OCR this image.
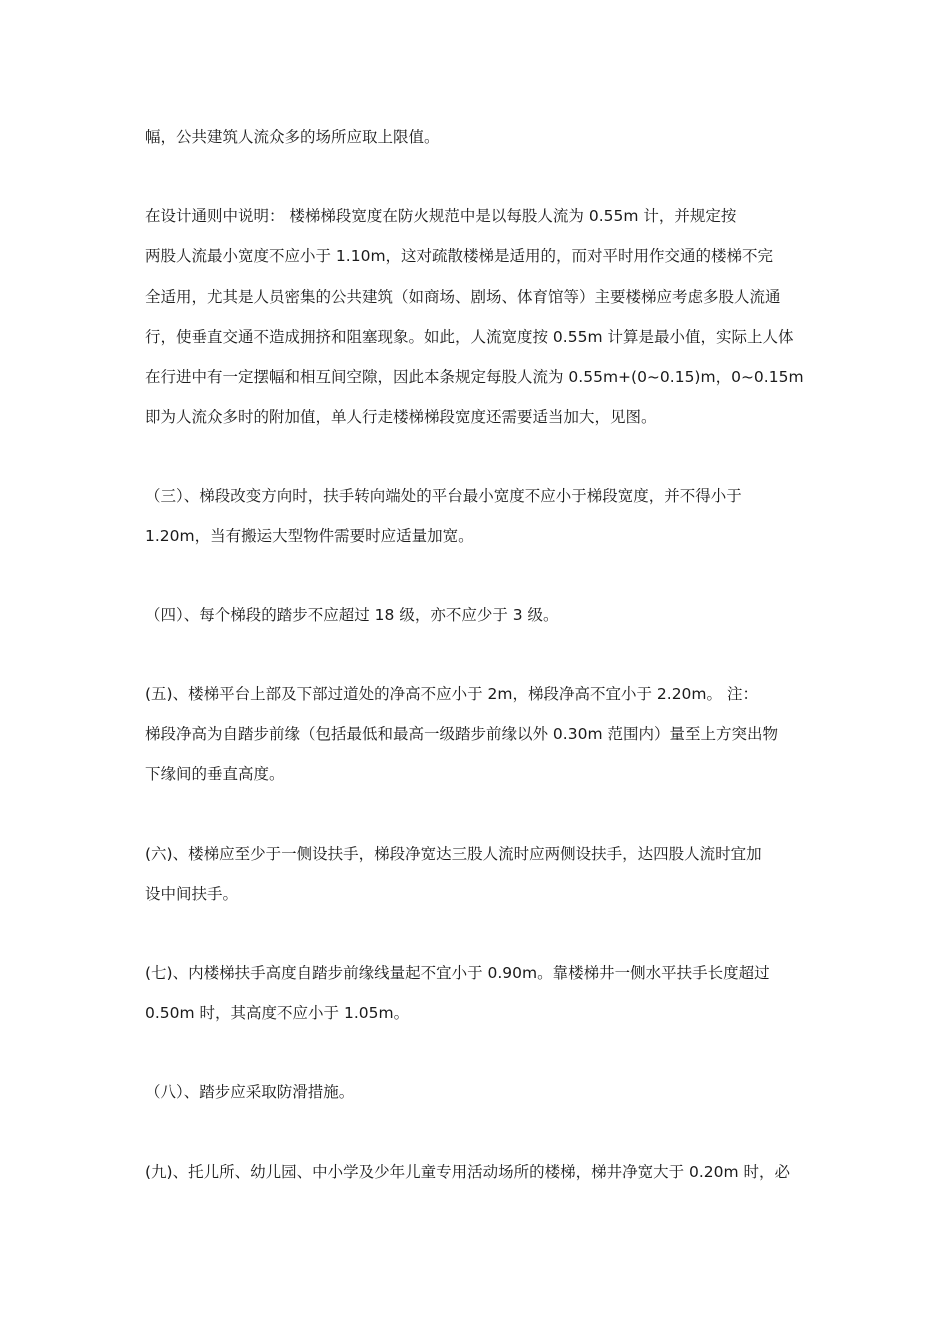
幅，公共建筑人流众多的场所应取上限值。
在设计通则中说明： 楼梯梯段宽度在防火规范中是以每股人流为 0.55m 计，并规定按
两股人流最小宽度不应小于 1.10m，这对疏散楼梯是适用的，而对平时用作交通的楼梯不完
全适用，尤其是人员密集的公共建筑（如商场、剧场、体育馆等）主要楼梯应考虑多股人流通
行，使垂直交通不造成拥挤和阻塞现象。如此，人流宽度按 0.55m 计算是最小值，实际上人体
在行进中有一定摆幅和相互间空隙，因此本条规定每股人流为 0.55m+(0~0.15)m，0~0.15m
即为人流众多时的附加值，单人行走楼梯梯段宽度还需要适当加大，见图。
（三）、梯段改变方向时，扶手转向端处的平台最小宽度不应小于梯段宽度，并不得小于
1.20m，当有搬运大型物件需要时应适量加宽。
（四）、每个梯段的踏步不应超过 18 级，亦不应少于 3 级。
(五)、楼梯平台上部及下部过道处的净高不应小于 2m，梯段净高不宜小于 2.20m。 注：
梯段净高为自踏步前缘（包括最低和最高一级踏步前缘以外 0.30m 范围内）量至上方突出物
下缘间的垂直高度。
(六)、楼梯应至少于一侧设扶手，梯段净宽达三股人流时应两侧设扶手，达四股人流时宜加
设中间扶手。
(七)、内楼梯扶手高度自踏步前缘线量起不宜小于 0.90m。靠楼梯井一侧水平扶手长度超过
0.50m 时，其高度不应小于 1.05m。
（八）、踏步应采取防滑措施。
(九)、托儿所、幼儿园、中小学及少年儿童专用活动场所的楼梯，梯井净宽大于 0.20m 时，必
